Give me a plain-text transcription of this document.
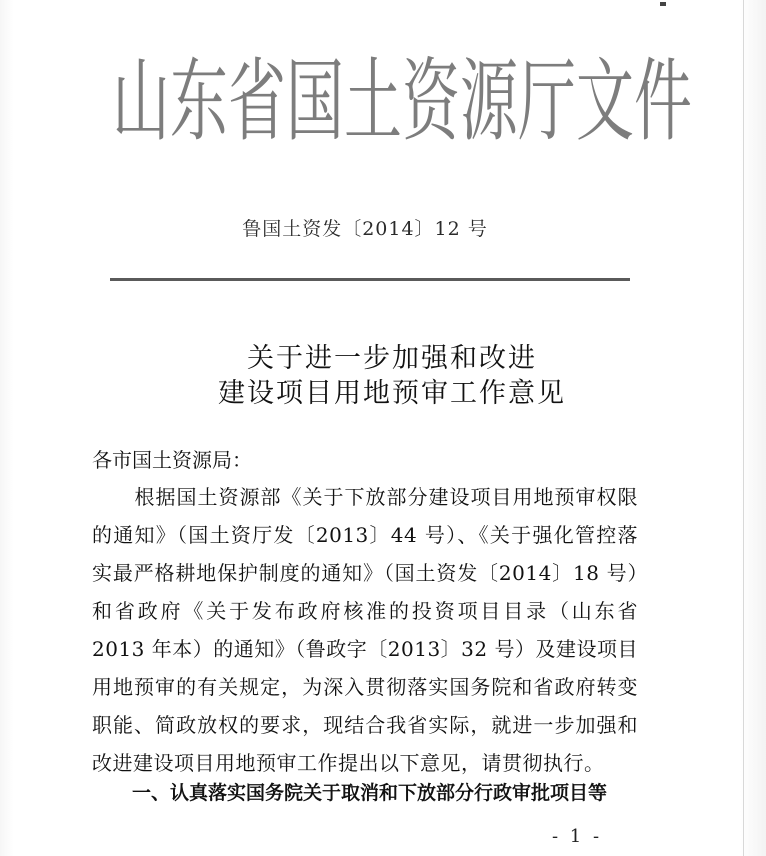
山东省国土资源厅文件
鲁国土资发〔2014〕12 号
关于进一步加强和改进
建设项目用地预审工作意见
各市国土资源局：
根据国土资源部《关于下放部分建设项目用地预审权限的通知》（国土资厅发〔2013〕44 号）、《关于强化管控落实最严格耕地保护制度的通知》（国土资发〔2014〕18 号）和省政府《关于发布政府核准的投资项目目录（山东省 2013 年本）的通知》（鲁政字〔2013〕32 号）及建设项目用地预审的有关规定，为深入贯彻落实国务院和省政府转变职能、简政放权的要求，现结合我省实际，就进一步加强和改进建设项目用地预审工作提出以下意见，请贯彻执行。
一、认真落实国务院关于取消和下放部分行政审批项目等
- 1 -
